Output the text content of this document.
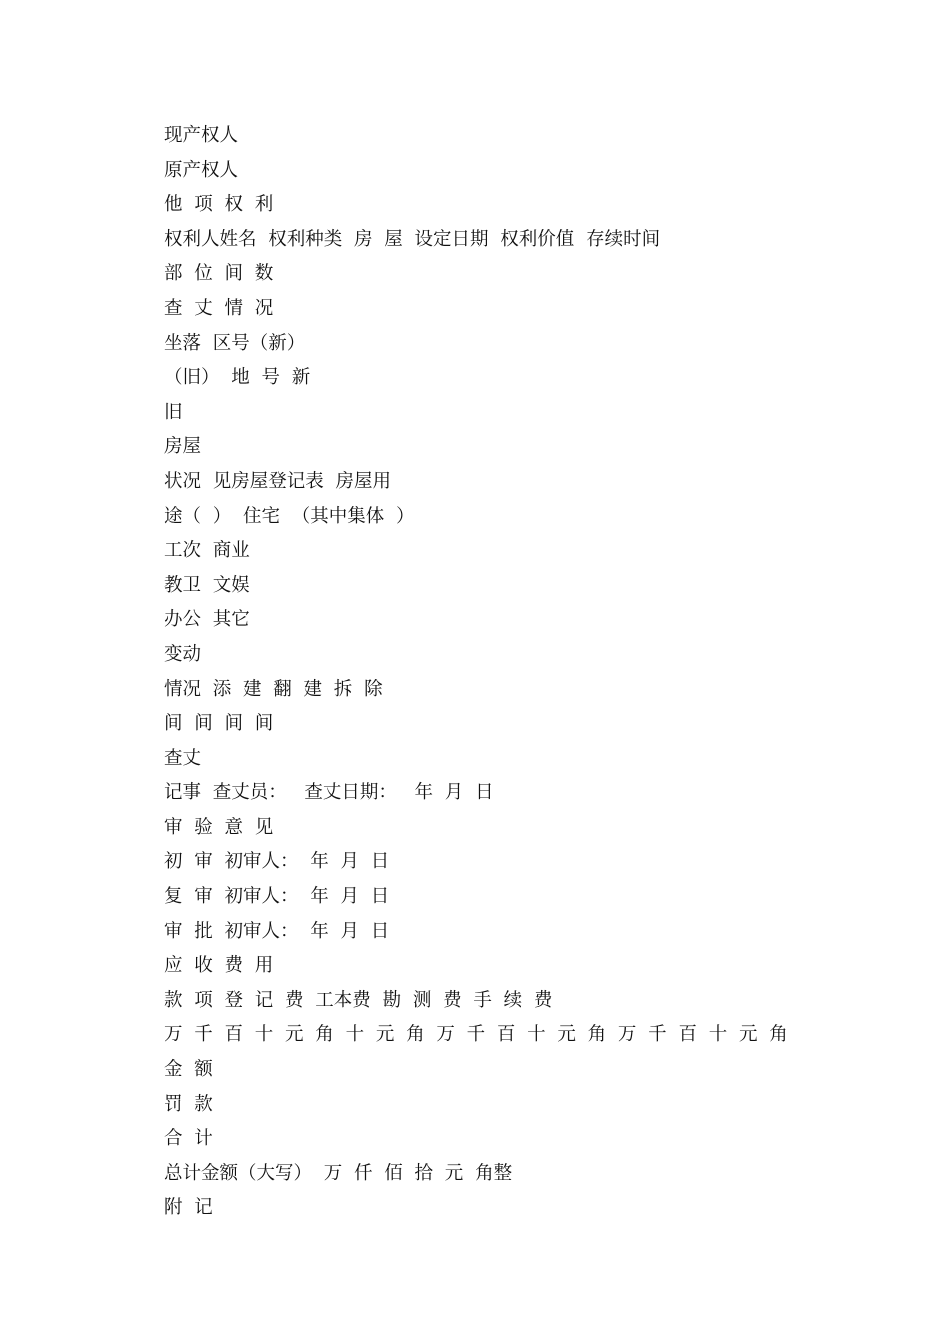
现产权人
原产权人
他  项  权  利
权利人姓名  权利种类  房  屋  设定日期  权利价值  存续时间
部  位  间  数
查  丈  情  况
坐落  区号（新）
（旧）  地  号  新
旧
房屋
状况  见房屋登记表  房屋用
途（  ）  住宅  （其中集体  ）
工次  商业
教卫  文娱
办公  其它
变动
情况  添  建  翻  建  拆  除
间  间  间  间
查丈
记事  查丈员：   查丈日期：   年  月  日
审  验  意  见
初  审  初审人：  年  月  日
复  审  初审人：  年  月  日
审  批  初审人：  年  月  日
应  收  费  用
款  项  登  记  费  工本费  勘  测  费  手  续  费
万  千  百  十  元  角  十  元  角  万  千  百  十  元  角  万  千  百  十  元  角
金  额
罚  款
合  计
总计金额（大写）  万  仟  佰  拾  元  角整
附  记
